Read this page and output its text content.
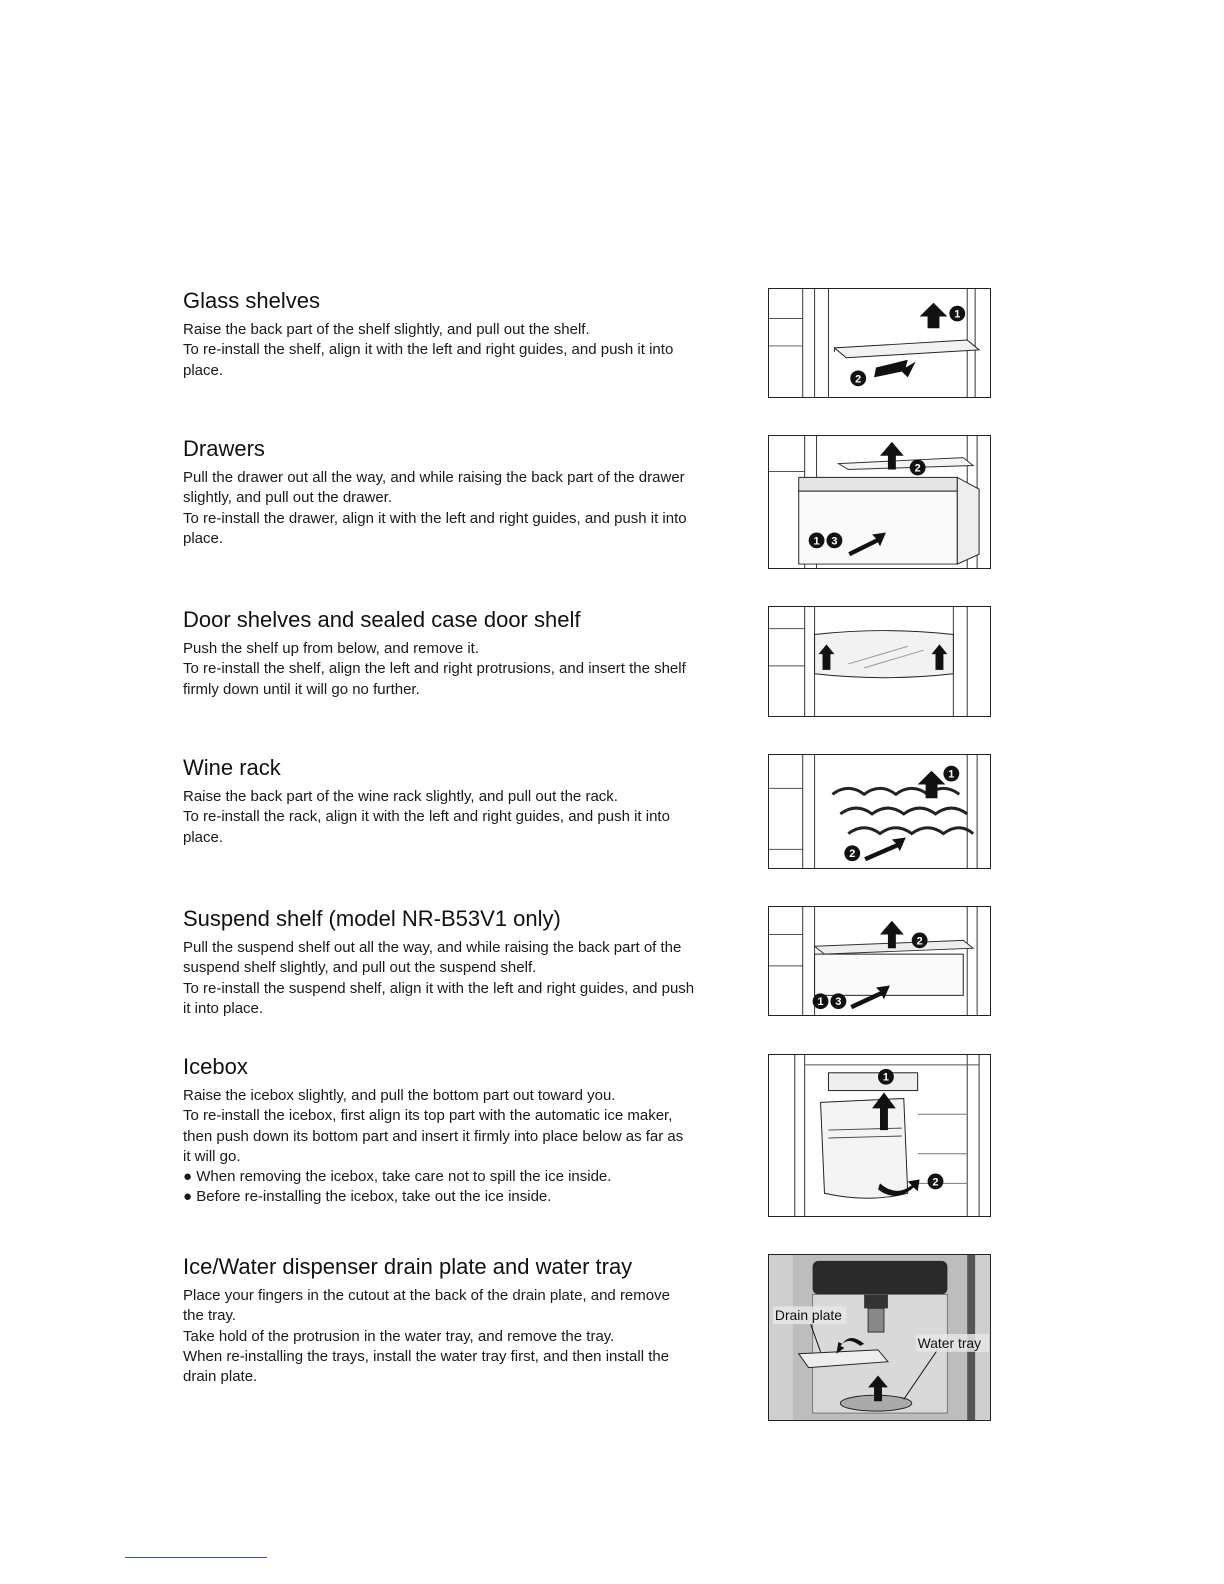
Glass shelves

Raise the back part of the shelf slightly, and pull out the shelf.

To re-install the shelf, align it with the left and right guides, and push it into

place.

1
2
Drawers

Pull the drawer out all the way, and while raising the back part of the drawer

slightly, and pull out the drawer.

To re-install the drawer, align it with the left and right guides, and push it into

place.

2
1 3
Door shelves and sealed case door shelf

Push the shelf up from below, and remove it.

To re-install the shelf, align the left and right protrusions, and insert the shelf

firmly down until it will go no further.

Wine rack

Raise the back part of the wine rack slightly, and pull out the rack.

To re-install the rack, align it with the left and right guides, and push it into

place.

1
2
Suspend shelf (model NR-B53V1 only)

Pull the suspend shelf out all the way, and while raising the back part of the

suspend shelf slightly, and pull out the suspend shelf.

To re-install the suspend shelf, align it with the left and right guides, and push

it into place.

2
1 3
Icebox

Raise the icebox slightly, and pull the bottom part out toward you.

To re-install the icebox, first align its top part with the automatic ice maker,

then push down its bottom part and insert it firmly into place below as far as

it will go.

● When removing the icebox, take care not to spill the ice inside.

● Before re-installing the icebox, take out the ice inside.

1
2
Ice/Water dispenser drain plate and water tray

Place your fingers in the cutout at the back of the drain plate, and remove

the tray.

Take hold of the protrusion in the water tray, and remove the tray.

When re-installing the trays, install the water tray first, and then install the

drain plate.

Drain plate
Water tray
